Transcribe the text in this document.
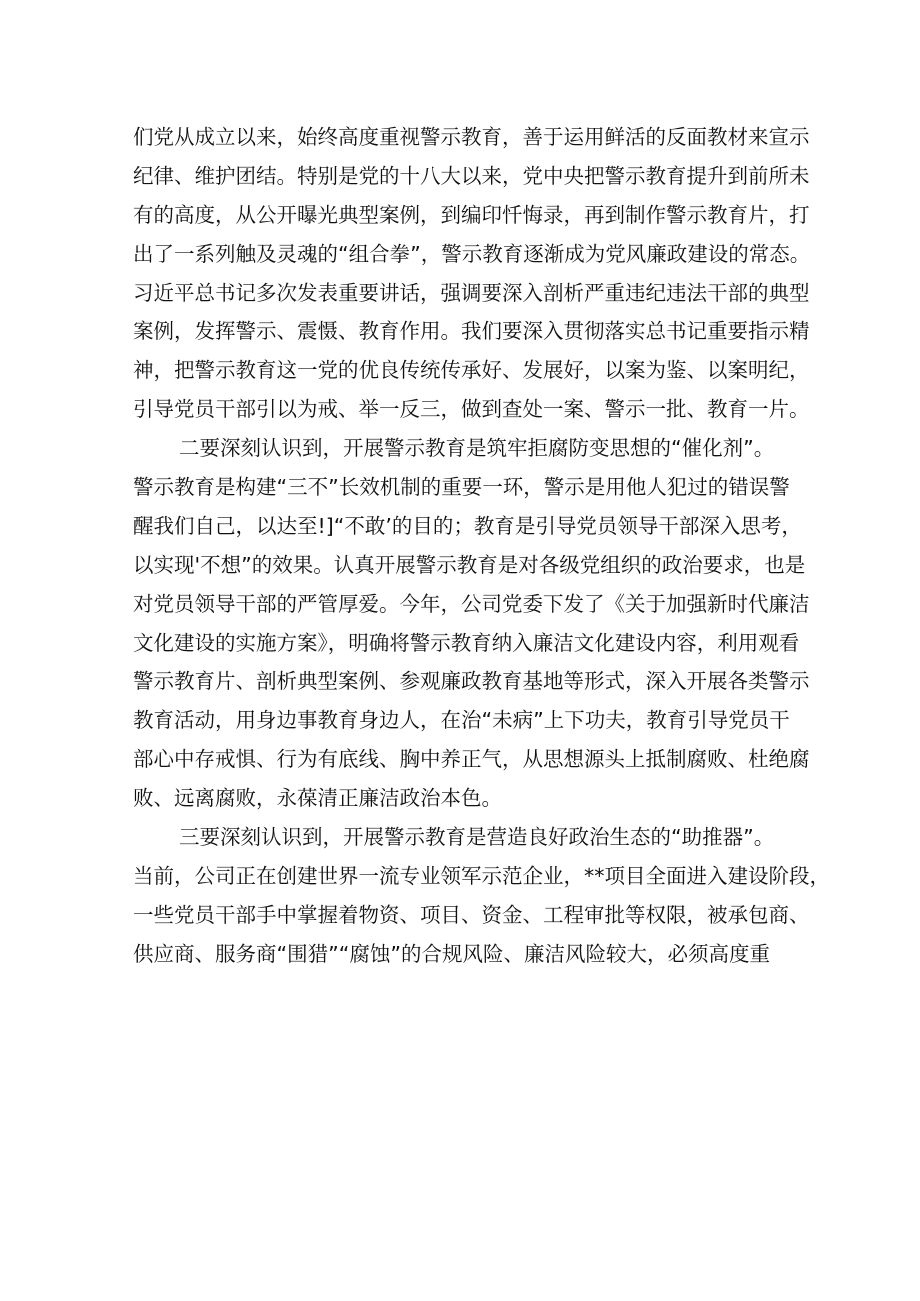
们党从成立以来，始终高度重视警示教育，善于运用鲜活的反面教材来宣示
纪律、维护团结。特别是党的十八大以来，党中央把警示教育提升到前所未
有的高度，从公开曝光典型案例，到编印忏悔录，再到制作警示教育片，打
出了一系列触及灵魂的“组合拳”，警示教育逐渐成为党风廉政建设的常态。
习近平总书记多次发表重要讲话，强调要深入剖析严重违纪违法干部的典型
案例，发挥警示、震慑、教育作用。我们要深入贯彻落实总书记重要指示精
神，把警示教育这一党的优良传统传承好、发展好，以案为鉴、以案明纪，
引导党员干部引以为戒、举一反三，做到查处一案、警示一批、教育一片。
二要深刻认识到，开展警示教育是筑牢拒腐防变思想的“催化剂”。
警示教育是构建“三不”长效机制的重要一环，警示是用他人犯过的错误警
醒我们自己，以达至!]“不敢’的目的；教育是引导党员领导干部深入思考，
以实现'不想”的效果。认真开展警示教育是对各级党组织的政治要求，也是
对党员领导干部的严管厚爱。今年，公司党委下发了《关于加强新时代廉洁
文化建设的实施方案》，明确将警示教育纳入廉洁文化建设内容，利用观看
警示教育片、剖析典型案例、参观廉政教育基地等形式，深入开展各类警示
教育活动，用身边事教育身边人，在治“未病”上下功夫，教育引导党员干
部心中存戒惧、行为有底线、胸中养正气，从思想源头上抵制腐败、杜绝腐
败、远离腐败，永葆清正廉洁政治本色。
三要深刻认识到，开展警示教育是营造良好政治生态的“助推器”。
当前，公司正在创建世界一流专业领军示范企业，**项目全面进入建设阶段，
一些党员干部手中掌握着物资、项目、资金、工程审批等权限，被承包商、
供应商、服务商“围猎”“腐蚀”的合规风险、廉洁风险较大，必须高度重
